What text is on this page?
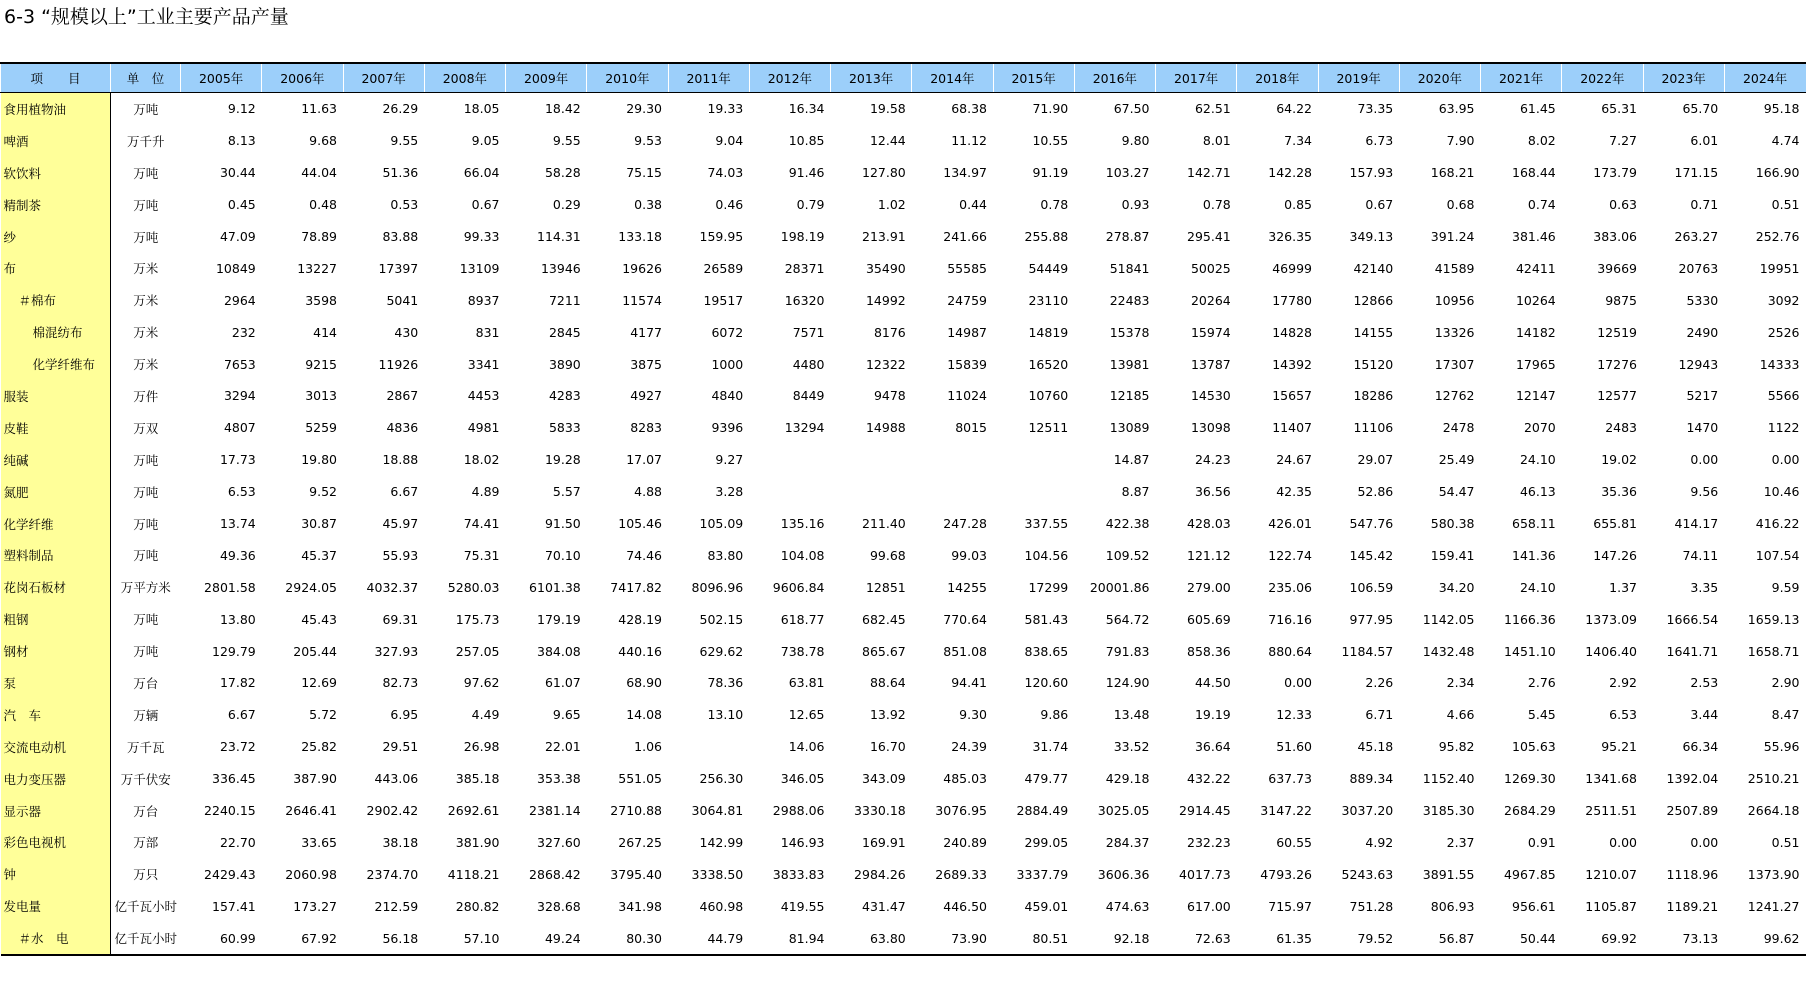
6-3 “规模以上”工业主要产品产量
项　　目	单　位	2005年	2006年	2007年	2008年	2009年	2010年	2011年	2012年	2013年	2014年	2015年	2016年	2017年	2018年	2019年	2020年	2021年	2022年	2023年	2024年
食用植物油	万吨	9.12	11.63	26.29	18.05	18.42	29.30	19.33	16.34	19.58	68.38	71.90	67.50	62.51	64.22	73.35	63.95	61.45	65.31	65.70	95.18
啤酒	万千升	8.13	9.68	9.55	9.05	9.55	9.53	9.04	10.85	12.44	11.12	10.55	9.80	8.01	7.34	6.73	7.90	8.02	7.27	6.01	4.74
软饮料	万吨	30.44	44.04	51.36	66.04	58.28	75.15	74.03	91.46	127.80	134.97	91.19	103.27	142.71	142.28	157.93	168.21	168.44	173.79	171.15	166.90
精制茶	万吨	0.45	0.48	0.53	0.67	0.29	0.38	0.46	0.79	1.02	0.44	0.78	0.93	0.78	0.85	0.67	0.68	0.74	0.63	0.71	0.51
纱	万吨	47.09	78.89	83.88	99.33	114.31	133.18	159.95	198.19	213.91	241.66	255.88	278.87	295.41	326.35	349.13	391.24	381.46	383.06	263.27	252.76
布	万米	10849	13227	17397	13109	13946	19626	26589	28371	35490	55585	54449	51841	50025	46999	42140	41589	42411	39669	20763	19951
＃棉布	万米	2964	3598	5041	8937	7211	11574	19517	16320	14992	24759	23110	22483	20264	17780	12866	10956	10264	9875	5330	3092
棉混纺布	万米	232	414	430	831	2845	4177	6072	7571	8176	14987	14819	15378	15974	14828	14155	13326	14182	12519	2490	2526
化学纤维布	万米	7653	9215	11926	3341	3890	3875	1000	4480	12322	15839	16520	13981	13787	14392	15120	17307	17965	17276	12943	14333
服装	万件	3294	3013	2867	4453	4283	4927	4840	8449	9478	11024	10760	12185	14530	15657	18286	12762	12147	12577	5217	5566
皮鞋	万双	4807	5259	4836	4981	5833	8283	9396	13294	14988	8015	12511	13089	13098	11407	11106	2478	2070	2483	1470	1122
纯碱	万吨	17.73	19.80	18.88	18.02	19.28	17.07	9.27					14.87	24.23	24.67	29.07	25.49	24.10	19.02	0.00	0.00
氮肥	万吨	6.53	9.52	6.67	4.89	5.57	4.88	3.28					8.87	36.56	42.35	52.86	54.47	46.13	35.36	9.56	10.46
化学纤维	万吨	13.74	30.87	45.97	74.41	91.50	105.46	105.09	135.16	211.40	247.28	337.55	422.38	428.03	426.01	547.76	580.38	658.11	655.81	414.17	416.22
塑料制品	万吨	49.36	45.37	55.93	75.31	70.10	74.46	83.80	104.08	99.68	99.03	104.56	109.52	121.12	122.74	145.42	159.41	141.36	147.26	74.11	107.54
花岗石板材	万平方米	2801.58	2924.05	4032.37	5280.03	6101.38	7417.82	8096.96	9606.84	12851	14255	17299	20001.86	279.00	235.06	106.59	34.20	24.10	1.37	3.35	9.59
粗钢	万吨	13.80	45.43	69.31	175.73	179.19	428.19	502.15	618.77	682.45	770.64	581.43	564.72	605.69	716.16	977.95	1142.05	1166.36	1373.09	1666.54	1659.13
钢材	万吨	129.79	205.44	327.93	257.05	384.08	440.16	629.62	738.78	865.67	851.08	838.65	791.83	858.36	880.64	1184.57	1432.48	1451.10	1406.40	1641.71	1658.71
泵	万台	17.82	12.69	82.73	97.62	61.07	68.90	78.36	63.81	88.64	94.41	120.60	124.90	44.50	0.00	2.26	2.34	2.76	2.92	2.53	2.90
汽　车	万辆	6.67	5.72	6.95	4.49	9.65	14.08	13.10	12.65	13.92	9.30	9.86	13.48	19.19	12.33	6.71	4.66	5.45	6.53	3.44	8.47
交流电动机	万千瓦	23.72	25.82	29.51	26.98	22.01	1.06		14.06	16.70	24.39	31.74	33.52	36.64	51.60	45.18	95.82	105.63	95.21	66.34	55.96
电力变压器	万千伏安	336.45	387.90	443.06	385.18	353.38	551.05	256.30	346.05	343.09	485.03	479.77	429.18	432.22	637.73	889.34	1152.40	1269.30	1341.68	1392.04	2510.21
显示器	万台	2240.15	2646.41	2902.42	2692.61	2381.14	2710.88	3064.81	2988.06	3330.18	3076.95	2884.49	3025.05	2914.45	3147.22	3037.20	3185.30	2684.29	2511.51	2507.89	2664.18
彩色电视机	万部	22.70	33.65	38.18	381.90	327.60	267.25	142.99	146.93	169.91	240.89	299.05	284.37	232.23	60.55	4.92	2.37	0.91	0.00	0.00	0.51
钟	万只	2429.43	2060.98	2374.70	4118.21	2868.42	3795.40	3338.50	3833.83	2984.26	2689.33	3337.79	3606.36	4017.73	4793.26	5243.63	3891.55	4967.85	1210.07	1118.96	1373.90
发电量	亿千瓦小时	157.41	173.27	212.59	280.82	328.68	341.98	460.98	419.55	431.47	446.50	459.01	474.63	617.00	715.97	751.28	806.93	956.61	1105.87	1189.21	1241.27
＃水　电	亿千瓦小时	60.99	67.92	56.18	57.10	49.24	80.30	44.79	81.94	63.80	73.90	80.51	92.18	72.63	61.35	79.52	56.87	50.44	69.92	73.13	99.62
